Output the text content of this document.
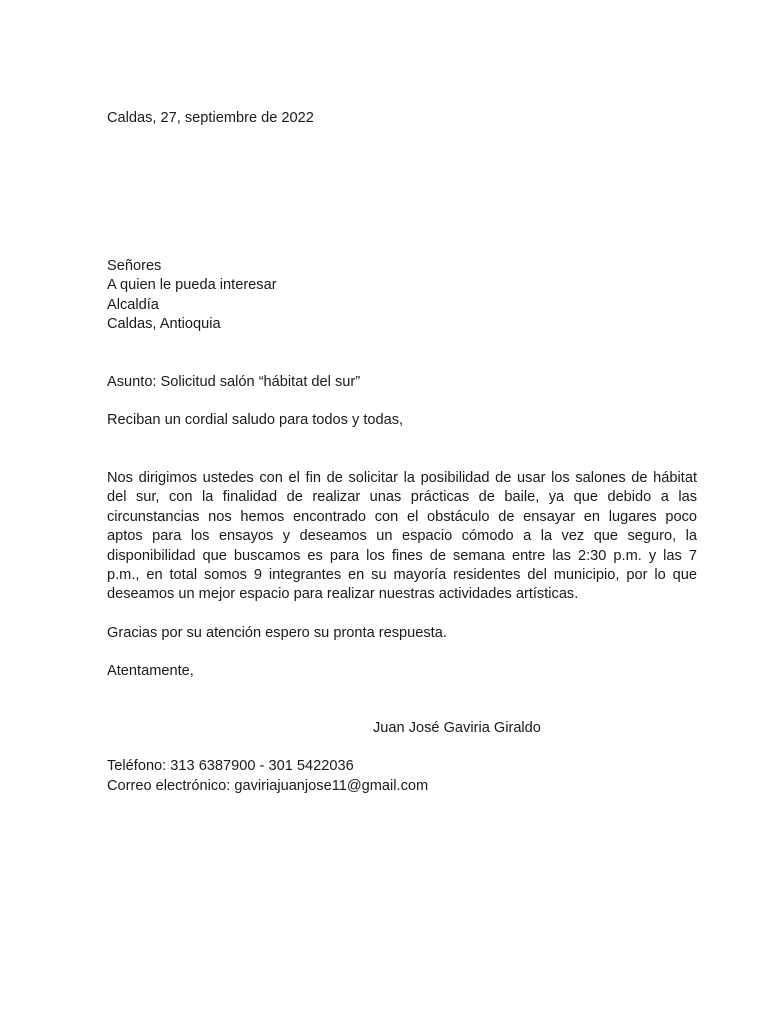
Caldas, 27, septiembre de 2022

Señores
A quien le pueda interesar
Alcaldía
Caldas, Antioquia

Asunto: Solicitud salón “hábitat del sur”

Reciban un cordial saludo para todos y todas,

Nos dirigimos ustedes con el fin de solicitar la posibilidad de usar los salones de hábitat
del sur, con la finalidad de realizar unas prácticas de baile, ya que debido a las
circunstancias nos hemos encontrado con el obstáculo de ensayar en lugares poco
aptos para los ensayos y deseamos un espacio cómodo a la vez que seguro, la
disponibilidad que buscamos es para los fines de semana entre las 2:30 p.m. y las 7
p.m., en total somos 9 integrantes en su mayoría residentes del municipio, por lo que
deseamos un mejor espacio para realizar nuestras actividades artísticas.

Gracias por su atención espero su pronta respuesta.

Atentamente,

Juan José Gaviria Giraldo

Teléfono: 313 6387900 - 301 5422036

Correo electrónico: gaviriajuanjose11@gmail.com
